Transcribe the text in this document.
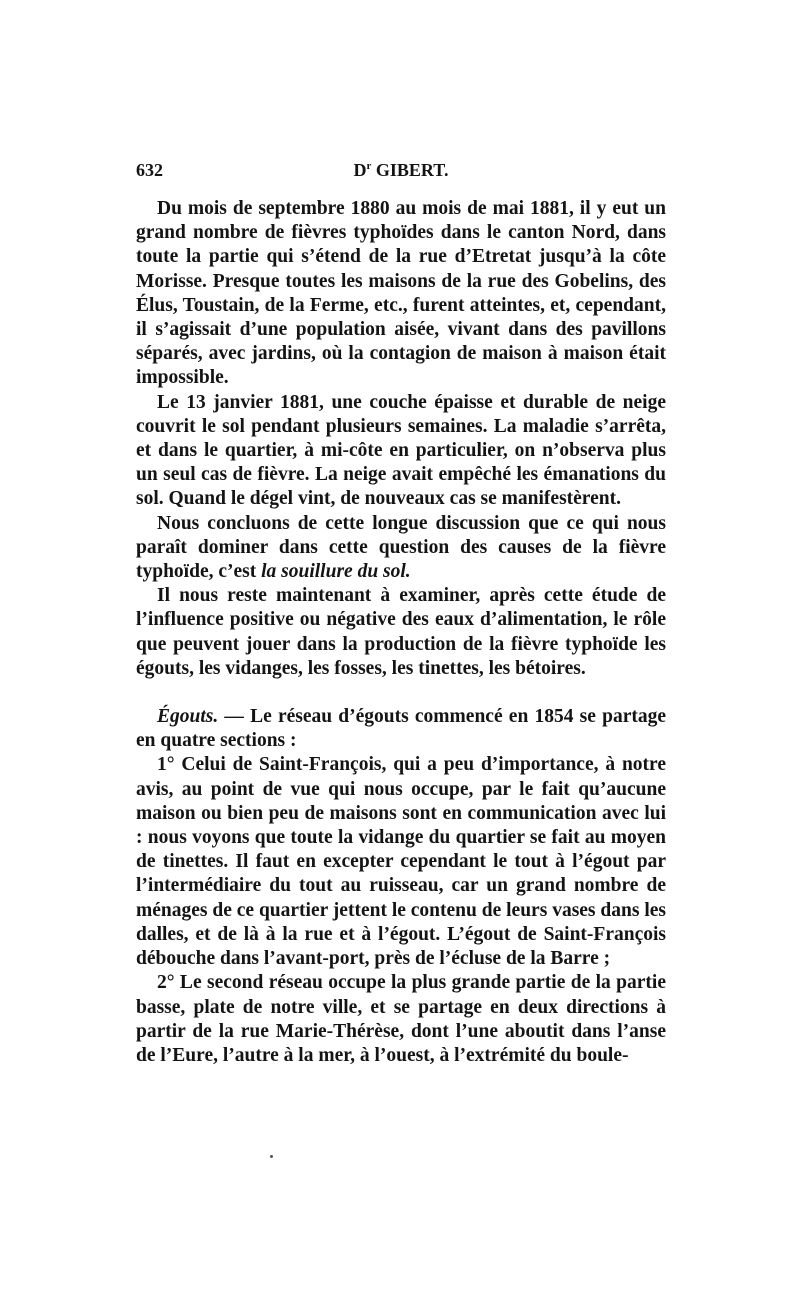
632	$D^r$ GIBERT.

Du mois de septembre 1880 au mois de mai 1881, il y eut un grand nombre de fièvres typhoïdes dans le canton Nord, dans toute la partie qui s’étend de la rue d’Etretat jusqu’à la côte Morisse. Presque toutes les maisons de la rue des Gobelins, des Élus, Toustain, de la Ferme, etc., furent atteintes, et, cependant, il s’agissait d’une population aisée, vivant dans des pavillons séparés, avec jardins, où la contagion de maison à maison était impossible.

Le 13 janvier 1881, une couche épaisse et durable de neige couvrit le sol pendant plusieurs semaines. La maladie s’arrêta, et dans le quartier, à mi-côte en particulier, on n’observa plus un seul cas de fièvre. La neige avait empêché les émanations du sol. Quand le dégel vint, de nouveaux cas se manifestèrent.

Nous concluons de cette longue discussion que ce qui nous paraît dominer dans cette question des causes de la fièvre typhoïde, c’est la souillure du sol.

Il nous reste maintenant à examiner, après cette étude de l’influence positive ou négative des eaux d’alimentation, le rôle que peuvent jouer dans la production de la fièvre typhoïde les égouts, les vidanges, les fosses, les tinettes, les bétoires.

Égouts. — Le réseau d’égouts commencé en 1854 se partage en quatre sections :

1° Celui de Saint-François, qui a peu d’importance, à notre avis, au point de vue qui nous occupe, par le fait qu’aucune maison ou bien peu de maisons sont en communication avec lui : nous voyons que toute la vidange du quartier se fait au moyen de tinettes. Il faut en excepter cependant le tout à l’égout par l’intermédiaire du tout au ruisseau, car un grand nombre de ménages de ce quartier jettent le contenu de leurs vases dans les dalles, et de là à la rue et à l’égout. L’égout de Saint-François débouche dans l’avant-port, près de l’écluse de la Barre ;

2° Le second réseau occupe la plus grande partie de la partie basse, plate de notre ville, et se partage en deux directions à partir de la rue Marie-Thérèse, dont l’une aboutit dans l’anse de l’Eure, l’autre à la mer, à l’ouest, à l’extrémité du boule-
